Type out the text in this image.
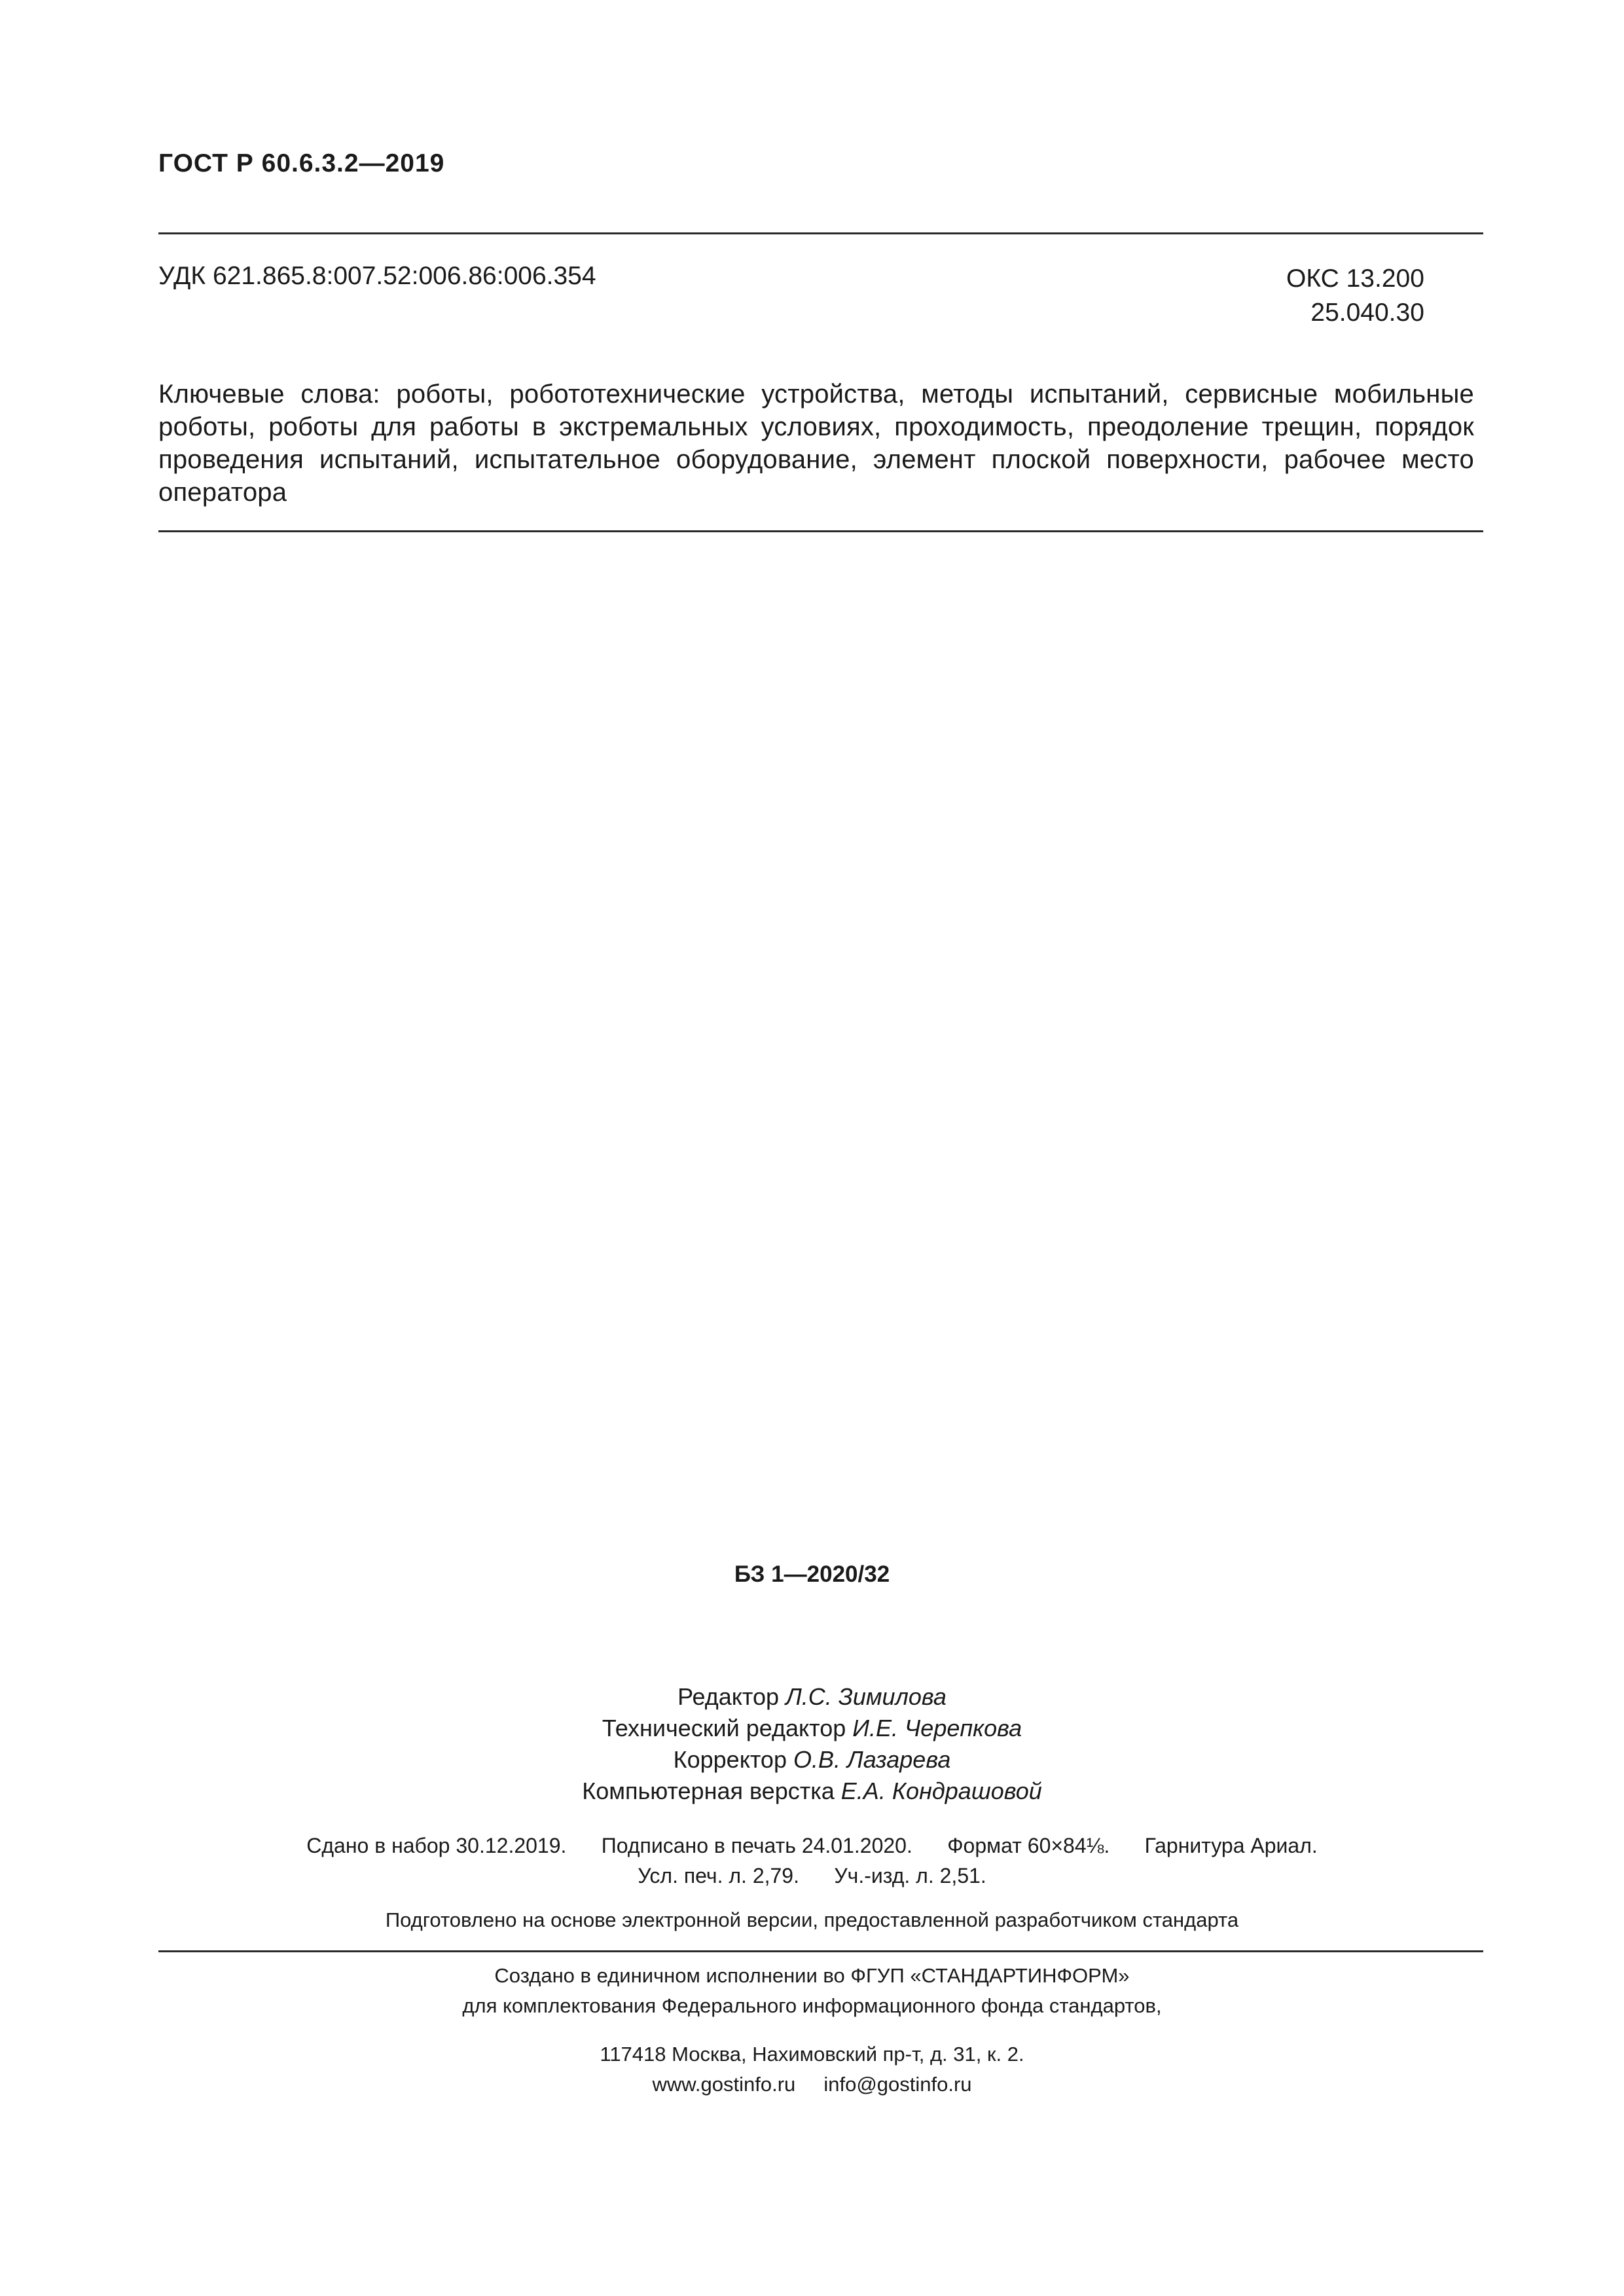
ГОСТ Р 60.6.3.2—2019
УДК 621.865.8:007.52:006.86:006.354	ОКС 13.200
25.040.30
Ключевые слова: роботы, робототехнические устройства, методы испытаний, сервисные мобильные роботы, роботы для работы в экстремальных условиях, проходимость, преодоление трещин, порядок проведения испытаний, испытательное оборудование, элемент плоской поверхности, рабочее место оператора
БЗ 1—2020/32
Редактор Л.С. Зимилова
Технический редактор И.Е. Черепкова
Корректор О.В. Лазарева
Компьютерная верстка Е.А. Кондрашовой
Сдано в набор 30.12.2019. Подписано в печать 24.01.2020. Формат 60×84⅛. Гарнитура Ариал.
Усл. печ. л. 2,79. Уч.-изд. л. 2,51.
Подготовлено на основе электронной версии, предоставленной разработчиком стандарта
Создано в единичном исполнении во ФГУП «СТАНДАРТИНФОРМ»
для комплектования Федерального информационного фонда стандартов,
117418 Москва, Нахимовский пр-т, д. 31, к. 2.
www.gostinfo.ru info@gostinfo.ru
